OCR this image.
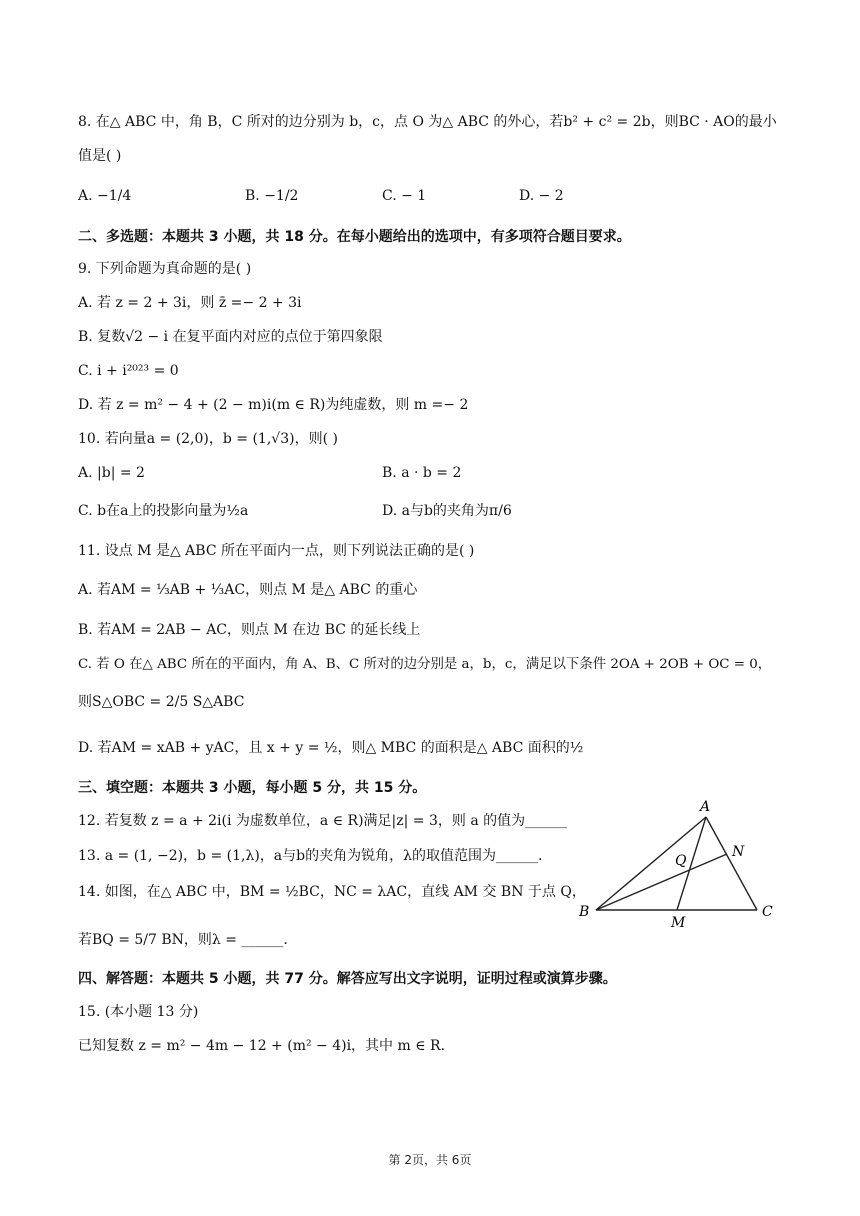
8. 在△ ABC 中，角 B，C 所对的边分别为 b，c，点 O 为△ ABC 的外心，若b² + c² = 2b，则BC · AO的最小
值是( )
A. −1/4	B. −1/2	C. − 1	D. − 2
二、多选题：本题共 3 小题，共 18 分。在每小题给出的选项中，有多项符合题目要求。
9. 下列命题为真命题的是( )
A. 若 z = 2 + 3i，则 z̄ =− 2 + 3i
B. 复数√2 − i 在复平面内对应的点位于第四象限
C. i + i²⁰²³ = 0
D. 若 z = m² − 4 + (2 − m)i(m ∈ R)为纯虚数，则 m =− 2
10. 若向量a = (2,0)，b = (1,√3)，则( )
A. |b| = 2	B. a · b = 2
C. b在a上的投影向量为½a	D. a与b的夹角为π/6
11. 设点 M 是△ ABC 所在平面内一点，则下列说法正确的是( )
A. 若AM = ⅓AB + ⅓AC，则点 M 是△ ABC 的重心
B. 若AM = 2AB − AC，则点 M 在边 BC 的延长线上
C. 若 O 在△ ABC 所在的平面内，角 A、B、C 所对的边分别是 a，b，c，满足以下条件 2OA + 2OB + OC = 0，
则S△OBC = 2/5 S△ABC
D. 若AM = xAB + yAC，且 x + y = ½，则△ MBC 的面积是△ ABC 面积的½
三、填空题：本题共 3 小题，每小题 5 分，共 15 分。
12. 若复数 z = a + 2i(i 为虚数单位，a ∈ R)满足|z| = 3，则 a 的值为______
13. a = (1, −2)，b = (1,λ)，a与b的夹角为锐角，λ的取值范围为______.
14. 如图，在△ ABC 中，BM = ½BC，NC = λAC，直线 AM 交 BN 于点 Q，
若BQ = 5/7 BN，则λ = ______.
A
B	C
M
N
Q
四、解答题：本题共 5 小题，共 77 分。解答应写出文字说明，证明过程或演算步骤。
15. (本小题 13 分)
已知复数 z = m² − 4m − 12 + (m² − 4)i，其中 m ∈ R.
第 2页，共 6页
